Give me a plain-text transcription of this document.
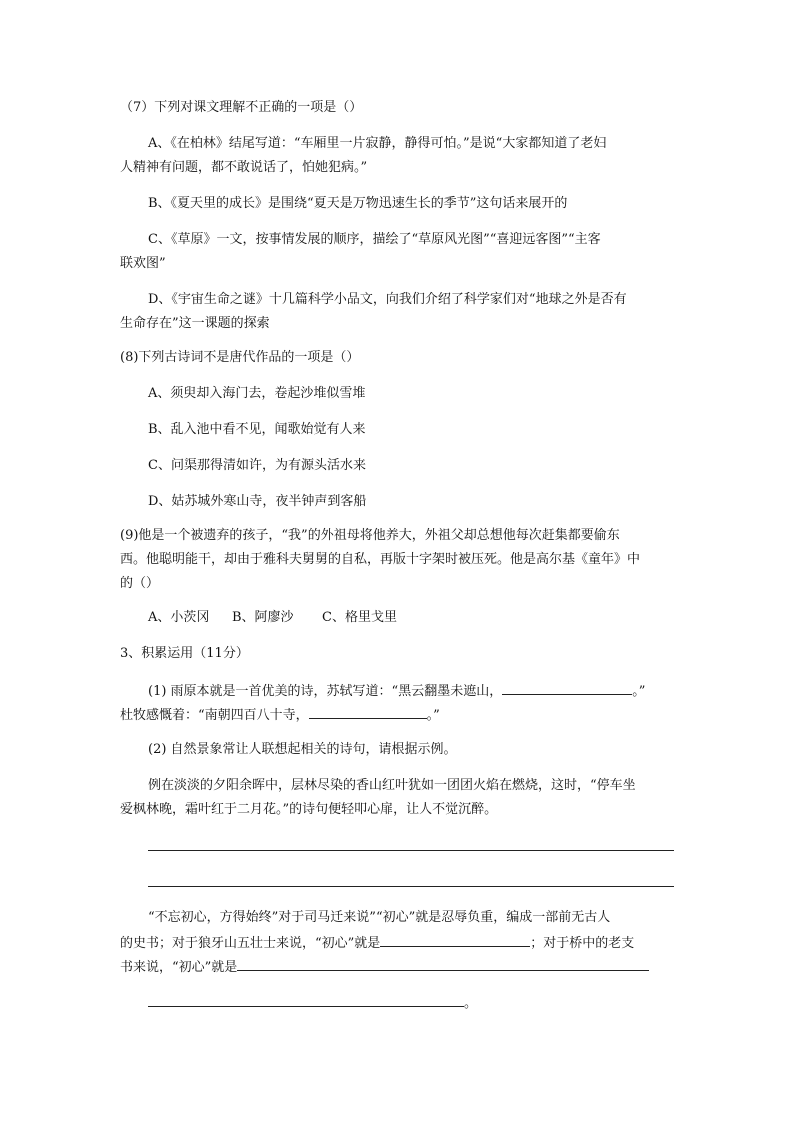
（7）下列对课文理解不正确的一项是（）
A、《在柏林》结尾写道：“车厢里一片寂静，静得可怕。”是说“大家都知道了老妇
人精神有问题，都不敢说话了，怕她犯病。”
B、《夏天里的成长》是围绕“夏天是万物迅速生长的季节”这句话来展开的
C、《草原》一文，按事情发展的顺序，描绘了“草原风光图”“喜迎远客图”“主客
联欢图”
D、《宇宙生命之谜》十几篇科学小品文，向我们介绍了科学家们对“地球之外是否有
生命存在”这一课题的探索
(8)下列古诗词不是唐代作品的一项是（）
A、须臾却入海门去，卷起沙堆似雪堆
B、乱入池中看不见，闻歌始觉有人来
C、问渠那得清如许，为有源头活水来
D、姑苏城外寒山寺，夜半钟声到客船
(9)他是一个被遗弃的孩子，“我”的外祖母将他养大，外祖父却总想他每次赶集都要偷东
西。他聪明能干，却由于雅科夫舅舅的自私，再版十字架时被压死。他是高尔基《童年》中
的（）
A、小茨冈 B、阿廖沙 C、格里戈里
3、积累运用（11分）
(1) 雨原本就是一首优美的诗，苏轼写道：“黑云翻墨未遮山，	。”
杜牧感慨着：“南朝四百八十寺，	。”
(2) 自然景象常让人联想起相关的诗句，请根据示例。
例在淡淡的夕阳余晖中，层林尽染的香山红叶犹如一团团火焰在燃烧，这时，“停车坐
爱枫林晚，霜叶红于二月花。”的诗句便轻叩心扉，让人不觉沉醉。
“不忘初心，方得始终”对于司马迁来说”“初心”就是忍辱负重，编成一部前无古人
的史书；对于狼牙山五壮士来说，“初心”就是	；对于桥中的老支
书来说，“初心”就是
。
